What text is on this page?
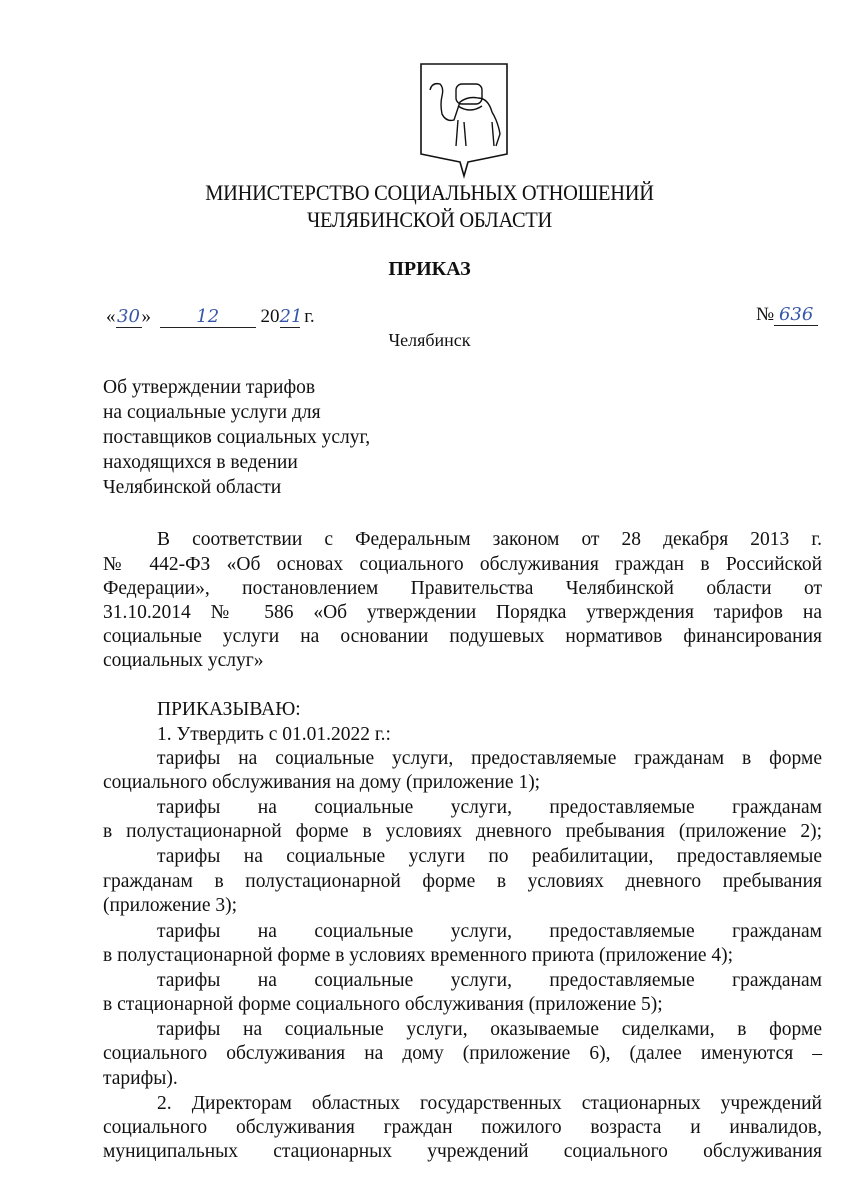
МИНИСТЕРСТВО СОЦИАЛЬНЫХ ОТНОШЕНИЙ
ЧЕЛЯБИНСКОЙ ОБЛАСТИ
ПРИКАЗ
«30» 12 2021 г.	№ 636
Челябинск
Об утверждении тарифов
на социальные услуги для
поставщиков социальных услуг,
находящихся в ведении
Челябинской области
В соответствии с Федеральным законом от 28 декабря 2013 г.
№ 442-ФЗ «Об основах социального обслуживания граждан в Российской
Федерации», постановлением Правительства Челябинской области от
31.10.2014 № 586 «Об утверждении Порядка утверждения тарифов на
социальные услуги на основании подушевых нормативов финансирования
социальных услуг»
ПРИКАЗЫВАЮ:
1. Утвердить с 01.01.2022 г.:
тарифы на социальные услуги, предоставляемые гражданам в форме
социального обслуживания на дому (приложение 1);
тарифы на социальные услуги, предоставляемые гражданам
в полустационарной форме в условиях дневного пребывания (приложение 2);
тарифы на социальные услуги по реабилитации, предоставляемые
гражданам в полустационарной форме в условиях дневного пребывания
(приложение 3);
тарифы на социальные услуги, предоставляемые гражданам
в полустационарной форме в условиях временного приюта (приложение 4);
тарифы на социальные услуги, предоставляемые гражданам
в стационарной форме социального обслуживания (приложение 5);
тарифы на социальные услуги, оказываемые сиделками, в форме
социального обслуживания на дому (приложение 6), (далее именуются –
тарифы).
2. Директорам областных государственных стационарных учреждений
социального обслуживания граждан пожилого возраста и инвалидов,
муниципальных стационарных учреждений социального обслуживания
